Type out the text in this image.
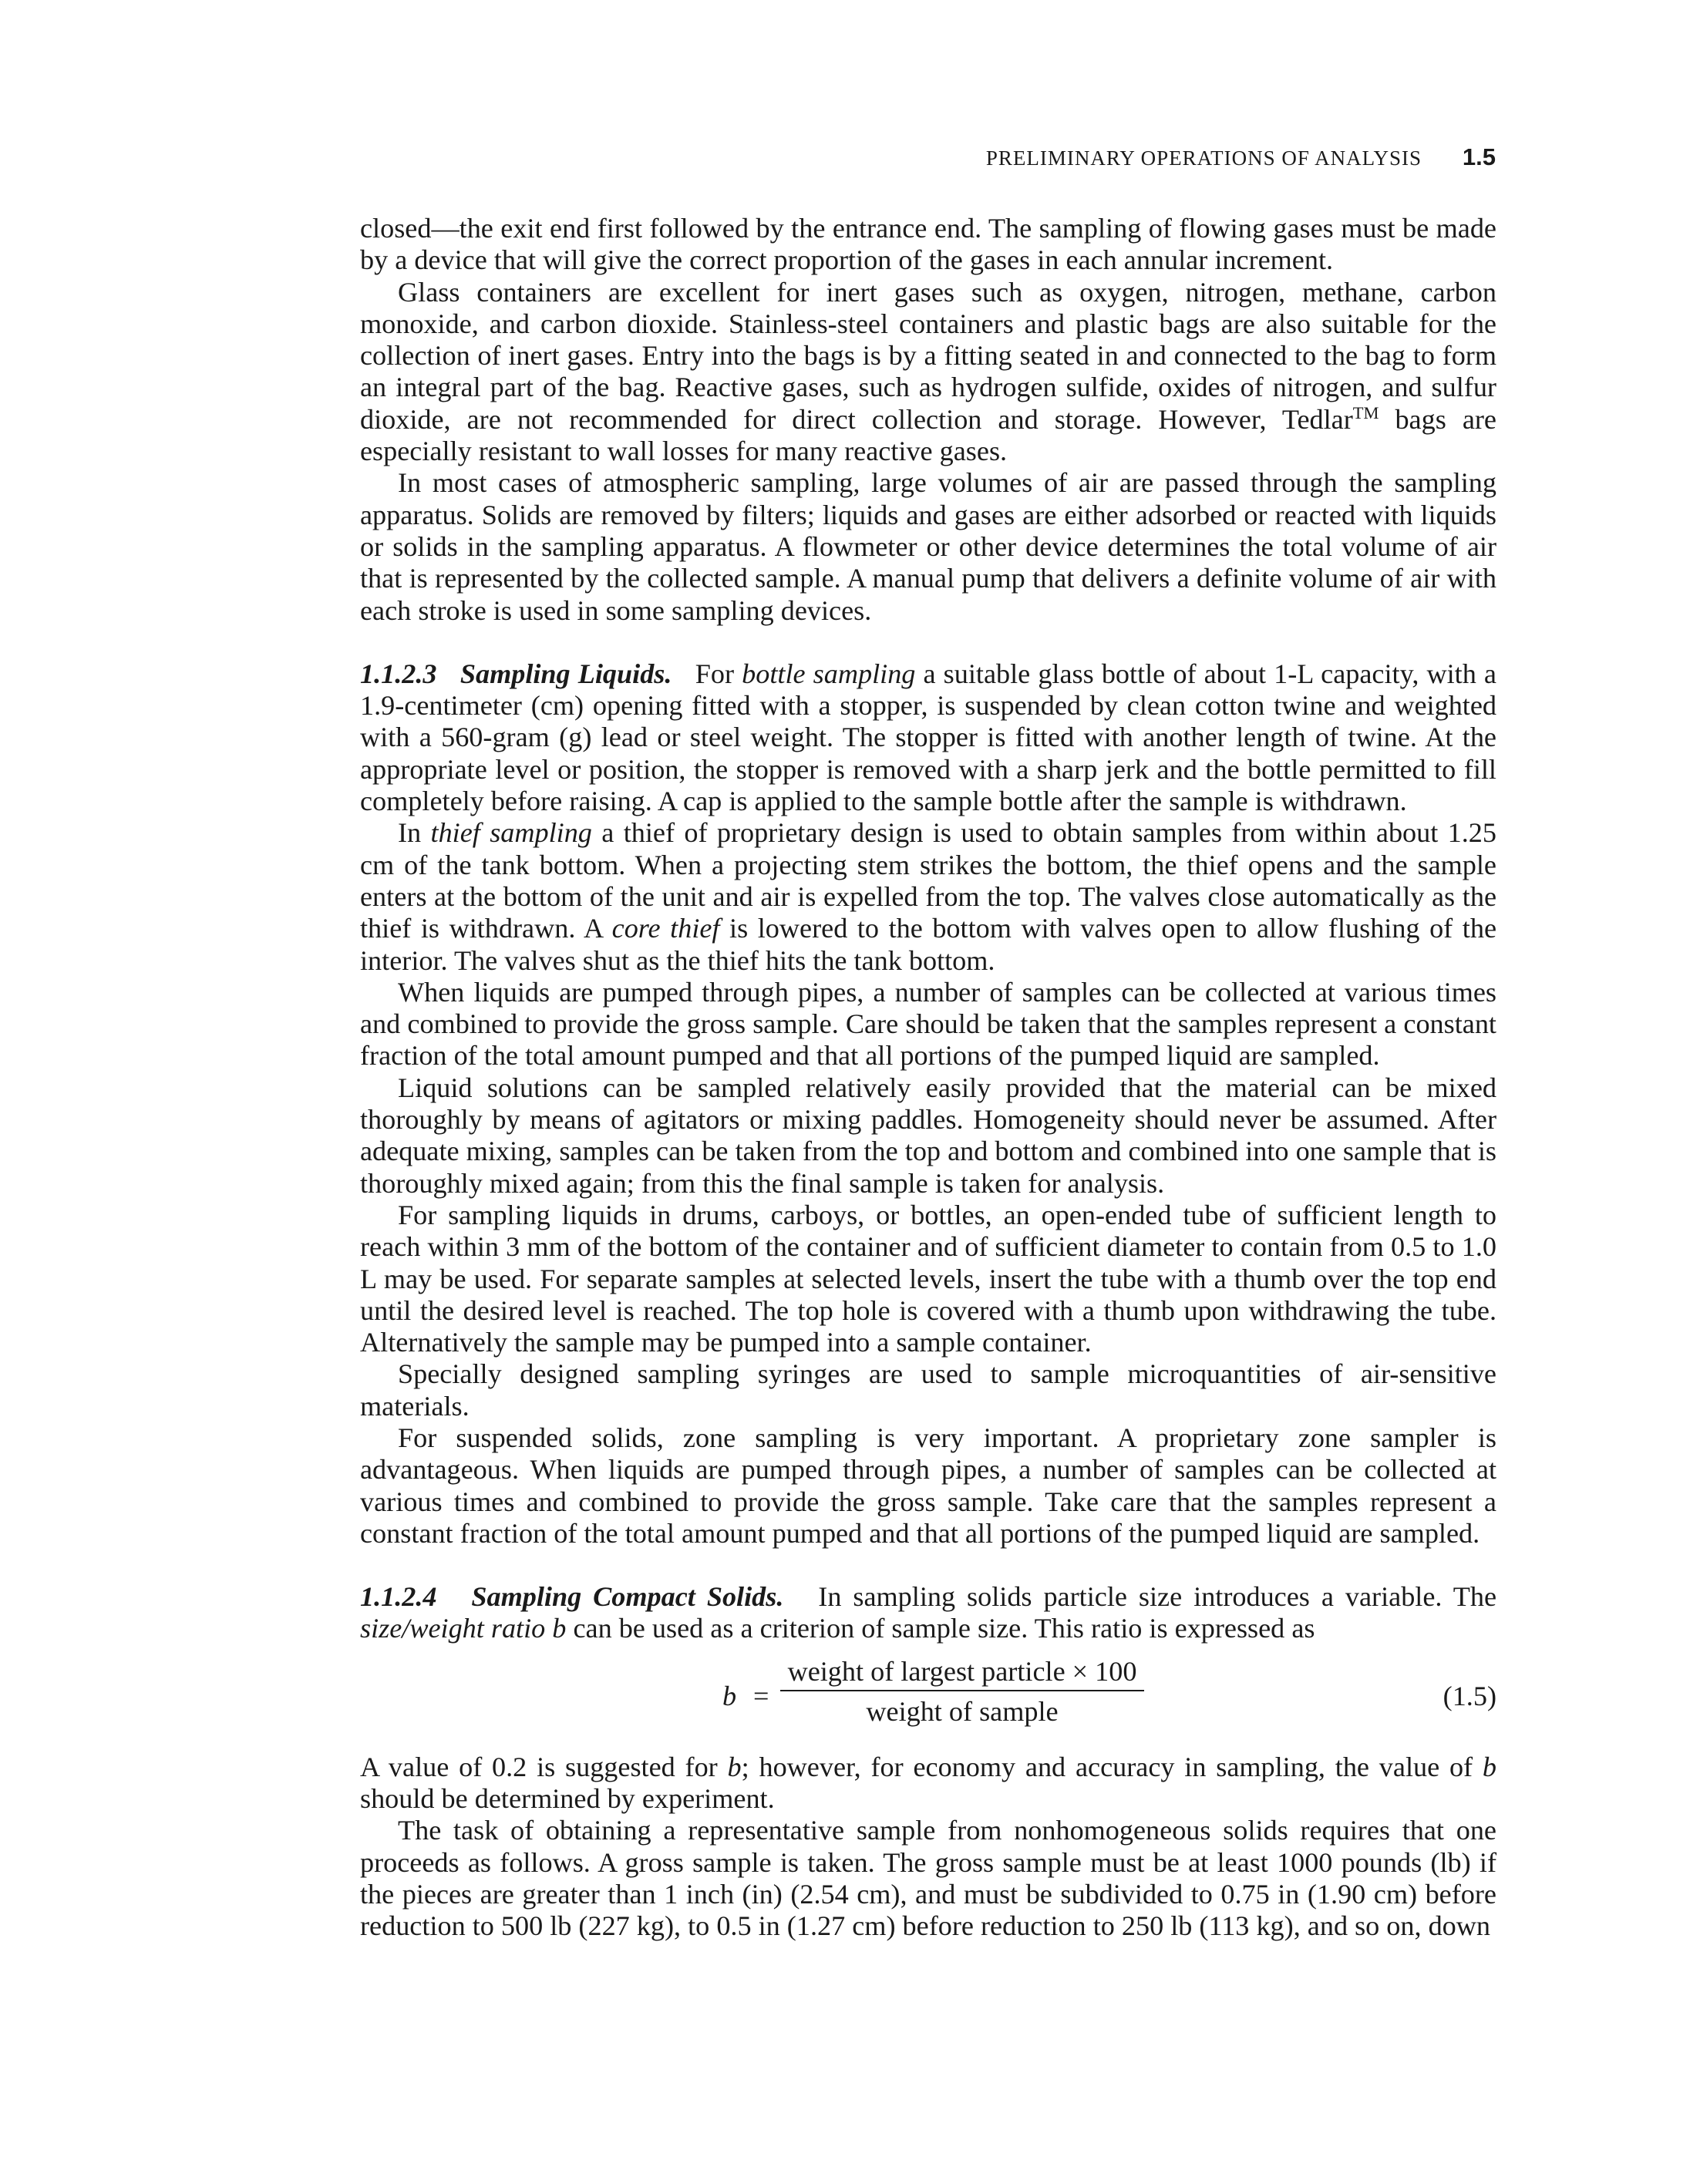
PRELIMINARY OPERATIONS OF ANALYSIS 1.5

closed—the exit end first followed by the entrance end. The sampling of flowing gases must be made by a device that will give the correct proportion of the gases in each annular increment.

Glass containers are excellent for inert gases such as oxygen, nitrogen, methane, carbon monoxide, and carbon dioxide. Stainless-steel containers and plastic bags are also suitable for the collection of inert gases. Entry into the bags is by a fitting seated in and connected to the bag to form an integral part of the bag. Reactive gases, such as hydrogen sulfide, oxides of nitrogen, and sulfur dioxide, are not recommended for direct collection and storage. However, Tedlar™ bags are especially resistant to wall losses for many reactive gases.

In most cases of atmospheric sampling, large volumes of air are passed through the sampling apparatus. Solids are removed by filters; liquids and gases are either adsorbed or reacted with liquids or solids in the sampling apparatus. A flowmeter or other device determines the total volume of air that is represented by the collected sample. A manual pump that delivers a definite volume of air with each stroke is used in some sampling devices.

1.1.2.3 Sampling Liquids. For bottle sampling a suitable glass bottle of about 1-L capacity, with a 1.9-centimeter (cm) opening fitted with a stopper, is suspended by clean cotton twine and weighted with a 560-gram (g) lead or steel weight. The stopper is fitted with another length of twine. At the appropriate level or position, the stopper is removed with a sharp jerk and the bottle permitted to fill completely before raising. A cap is applied to the sample bottle after the sample is withdrawn.

In thief sampling a thief of proprietary design is used to obtain samples from within about 1.25 cm of the tank bottom. When a projecting stem strikes the bottom, the thief opens and the sample enters at the bottom of the unit and air is expelled from the top. The valves close automatically as the thief is withdrawn. A core thief is lowered to the bottom with valves open to allow flushing of the interior. The valves shut as the thief hits the tank bottom.

When liquids are pumped through pipes, a number of samples can be collected at various times and combined to provide the gross sample. Care should be taken that the samples represent a constant fraction of the total amount pumped and that all portions of the pumped liquid are sampled.

Liquid solutions can be sampled relatively easily provided that the material can be mixed thoroughly by means of agitators or mixing paddles. Homogeneity should never be assumed. After adequate mixing, samples can be taken from the top and bottom and combined into one sample that is thoroughly mixed again; from this the final sample is taken for analysis.

For sampling liquids in drums, carboys, or bottles, an open-ended tube of sufficient length to reach within 3 mm of the bottom of the container and of sufficient diameter to contain from 0.5 to 1.0 L may be used. For separate samples at selected levels, insert the tube with a thumb over the top end until the desired level is reached. The top hole is covered with a thumb upon withdrawing the tube. Alternatively the sample may be pumped into a sample container.

Specially designed sampling syringes are used to sample microquantities of air-sensitive materials.

For suspended solids, zone sampling is very important. A proprietary zone sampler is advantageous. When liquids are pumped through pipes, a number of samples can be collected at various times and combined to provide the gross sample. Take care that the samples represent a constant fraction of the total amount pumped and that all portions of the pumped liquid are sampled.

1.1.2.4 Sampling Compact Solids. In sampling solids particle size introduces a variable. The size/weight ratio b can be used as a criterion of sample size. This ratio is expressed as

b =
weight of largest particle × 100
weight of sample	(1.5)

A value of 0.2 is suggested for b; however, for economy and accuracy in sampling, the value of b should be determined by experiment.

The task of obtaining a representative sample from nonhomogeneous solids requires that one proceeds as follows. A gross sample is taken. The gross sample must be at least 1000 pounds (lb) if the pieces are greater than 1 inch (in) (2.54 cm), and must be subdivided to 0.75 in (1.90 cm) before reduction to 500 lb (227 kg), to 0.5 in (1.27 cm) before reduction to 250 lb (113 kg), and so on, down
